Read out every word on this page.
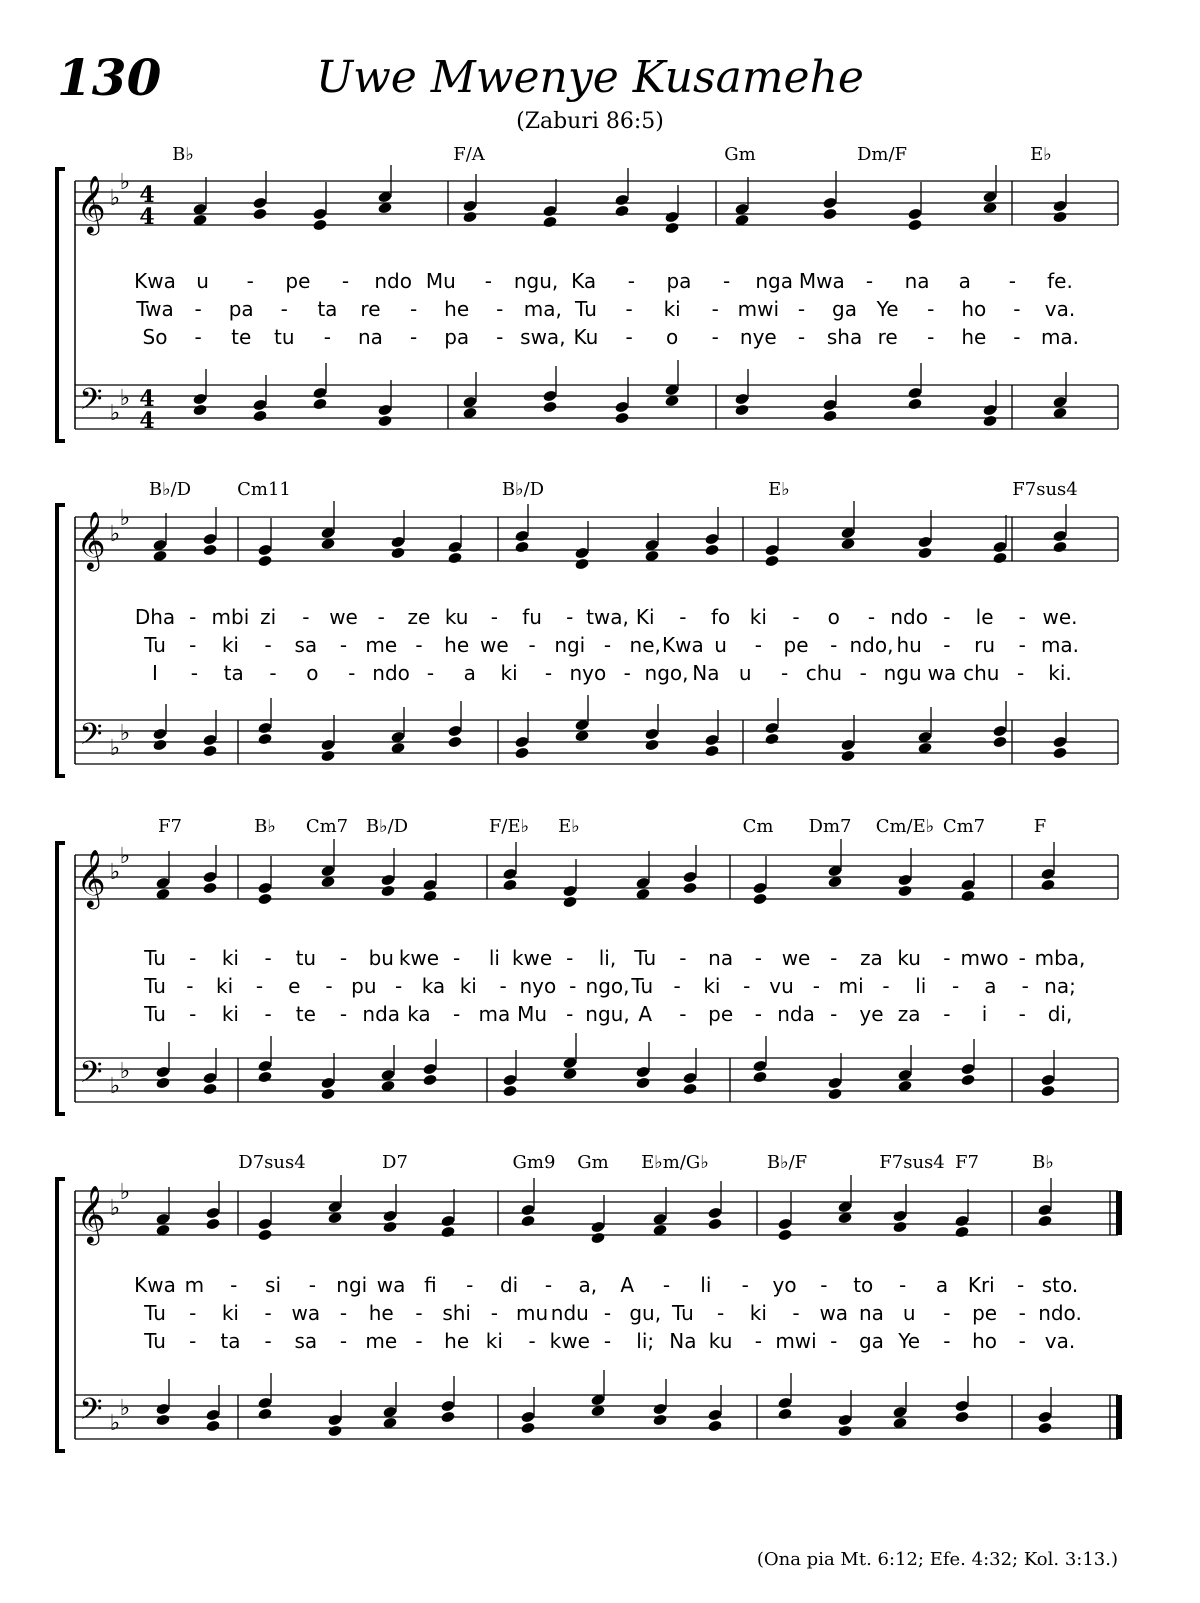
130	Uwe Mwenye Kusamehe
(Zaburi 86:5)
𝄞
𝄢
♭
♭
♭
♭
4
4
4
4
B♭	F/A	Gm	Dm/F	E♭
Kwa u - pe - ndo Mu - ngu, Ka - pa - nga Mwa - na a - fe.
Twa - pa - ta re - he - ma, Tu - ki - mwi - ga Ye - ho - va.
So - te tu - na - pa - swa, Ku - o - nye - sha re - he - ma.
𝄞
𝄢
♭
♭
♭
♭
B♭/D	Cm11	B♭/D	E♭	F7sus4
Dha - mbi zi - we - ze ku - fu - twa, Ki - fo ki - o - ndo - le - we.
Tu - ki - sa - me - he we - ngi - ne, Kwa u - pe - ndo, hu - ru - ma.
I - ta - o - ndo - a ki - nyo - ngo, Na u - chu - ngu wa chu - ki.
𝄞
𝄢
♭
♭
♭
♭
F7	B♭ Cm7 B♭/D	F/E♭ E♭	Cm Dm7 Cm/E♭ Cm7	F
Tu - ki - tu - bu kwe - li kwe - li, Tu - na - we - za ku - mwo - mba,
Tu - ki - e - pu - ka ki - nyo - ngo, Tu - ki - vu - mi - li - a - na;
Tu - ki - te - nda ka - ma Mu - ngu, A - pe - nda - ye za - i - di,
𝄞
𝄢
♭
♭
♭
♭
D7sus4	D7	Gm9 Gm E♭m/G♭	B♭/F	F7sus4 F7	B♭
Kwa m - si - ngi wa fi - di - a, A - li - yo - to - a Kri - sto.
Tu - ki - wa - he - shi - mu ndu - gu, Tu - ki - wa na u - pe - ndo.
Tu - ta - sa - me - he ki - kwe - li; Na ku - mwi - ga Ye - ho - va.
(Ona pia Mt. 6:12; Efe. 4:32; Kol. 3:13.)
